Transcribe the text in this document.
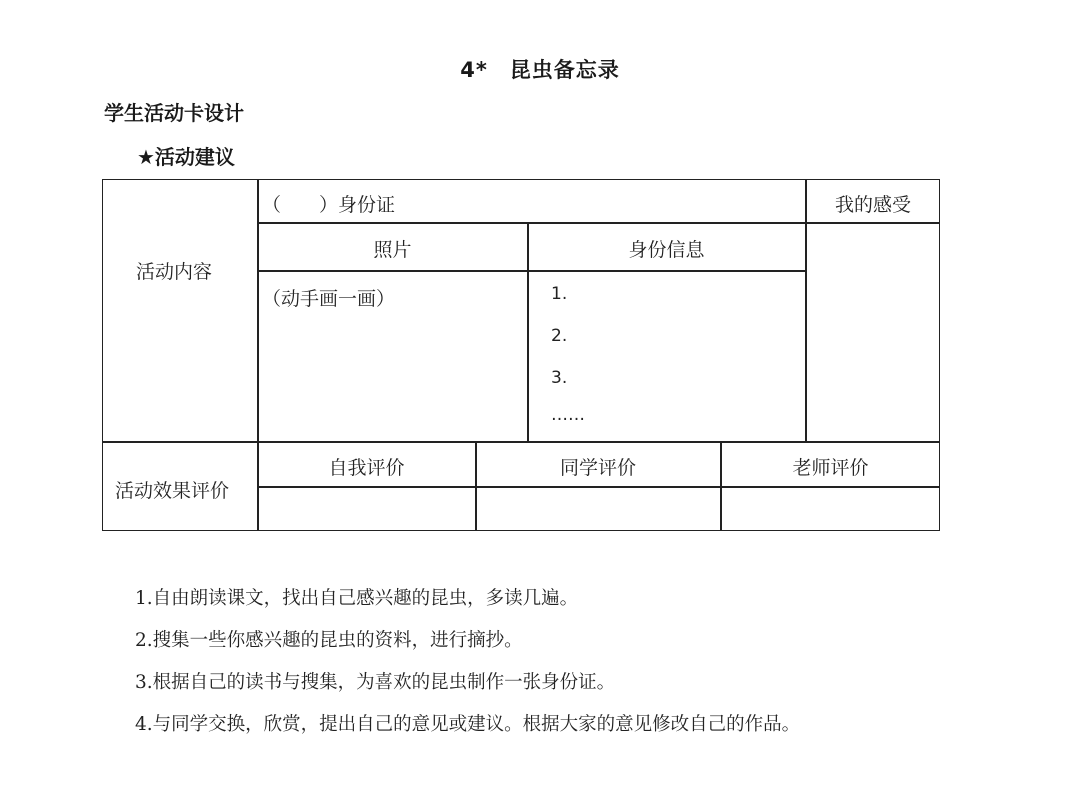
4* 昆虫备忘录
学生活动卡设计
★活动建议
活动内容
（　　）身份证	我的感受
照片	身份信息
（动手画一画）	1.
2.
3.
……
活动效果评价
自我评价	同学评价	老师评价
1.自由朗读课文，找出自己感兴趣的昆虫，多读几遍。
2.搜集一些你感兴趣的昆虫的资料，进行摘抄。
3.根据自己的读书与搜集，为喜欢的昆虫制作一张身份证。
4.与同学交换，欣赏，提出自己的意见或建议。根据大家的意见修改自己的作品。
